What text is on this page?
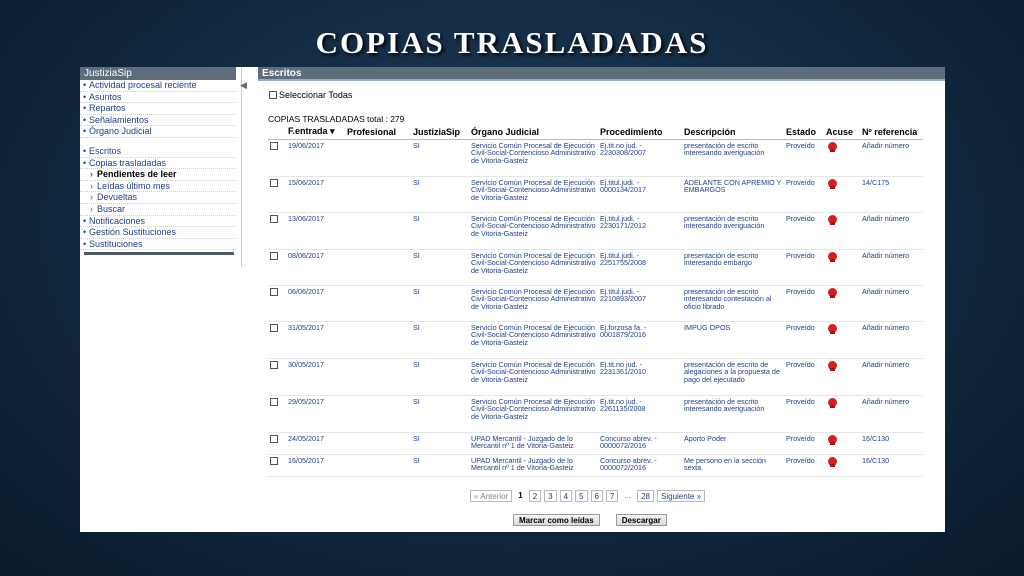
COPIAS TRASLADADAS
JustiziaSip
• Actividad procesal reciente
• Asuntos
• Repartos
• Señalamientos
• Órgano Judicial
• Escritos
• Copias trasladadas
› Pendientes de leer
› Leídas último mes
› Devueltas
› Buscar
• Notificaciones
• Gestión Sustituciones
• Sustituciones
◀
Escritos
Seleccionar Todas
COPIAS TRASLADADAS total : 279
	F.entrada ▾	Profesional	JustiziaSip	Órgano Judicial	Procedimiento	Descripción	Estado	Acuse	Nº referencia
	19/06/2017		SI	Servicio Común Procesal de Ejecución Civil-Social-Contencioso Administrativo de Vitoria-Gasteiz	Ej.tit.no jud. - 2230308/2007	presentación de escrito interesando averiguación	Proveído		Añadir número
	15/06/2017		SI	Servicio Común Procesal de Ejecución Civil-Social-Contencioso Administrativo de Vitoria-Gasteiz	Ej.titul.judi. - 0000134/2017	ADELANTE CON APREMIO Y EMBARGOS	Proveído		14/C175
	13/06/2017		SI	Servicio Común Procesal de Ejecución Civil-Social-Contencioso Administrativo de Vitoria-Gasteiz	Ej.titul.judi. - 2230171/2012	presentación de escrito interesando averiguación	Proveído		Añadir número
	08/06/2017		SI	Servicio Común Procesal de Ejecución Civil-Social-Contencioso Administrativo de Vitoria-Gasteiz	Ej.titul.judi. - 2251755/2008	presentación de escrito interesando embargo	Proveído		Añadir número
	06/06/2017		SI	Servicio Común Procesal de Ejecución Civil-Social-Contencioso Administrativo de Vitoria-Gasteiz	Ej.titul.judi. - 2210893/2007	presentación de escrito interesando contestación al oficio librado	Proveído		Añadir número
	31/05/2017		SI	Servicio Común Procesal de Ejecución Civil-Social-Contencioso Administrativo de Vitoria-Gasteiz	Ej.forzosa fa. - 0001879/2016	IMPUG OPOS	Proveído		Añadir número
	30/05/2017		SI	Servicio Común Procesal de Ejecución Civil-Social-Contencioso Administrativo de Vitoria-Gasteiz	Ej.tit.no jud. - 2231361/2010	presentación de escrito de alegaciones a la propuesta de pago del ejecutado	Proveído		Añadir número
	29/05/2017		SI	Servicio Común Procesal de Ejecución Civil-Social-Contencioso Administrativo de Vitoria-Gasteiz	Ej.tit.no jud. - 2261135/2008	presentación de escrito interesando averiguación	Proveído		Añadir número
	24/05/2017		SI	UPAD Mercantil - Juzgado de lo Mercantil nº 1 de Vitoria-Gasteiz	Concurso abrev. - 0000072/2016	Aporto Poder	Proveído		16/C130
	16/05/2017		SI	UPAD Mercantil - Juzgado de lo Mercantil nº 1 de Vitoria-Gasteiz	Concurso abrev. - 0000072/2016	Me persono en la sección sexta.	Proveído		16/C130
« Anterior	1	2	3	4	5	6	7	...	28	Siguiente »
Marcar como leídas	Descargar
